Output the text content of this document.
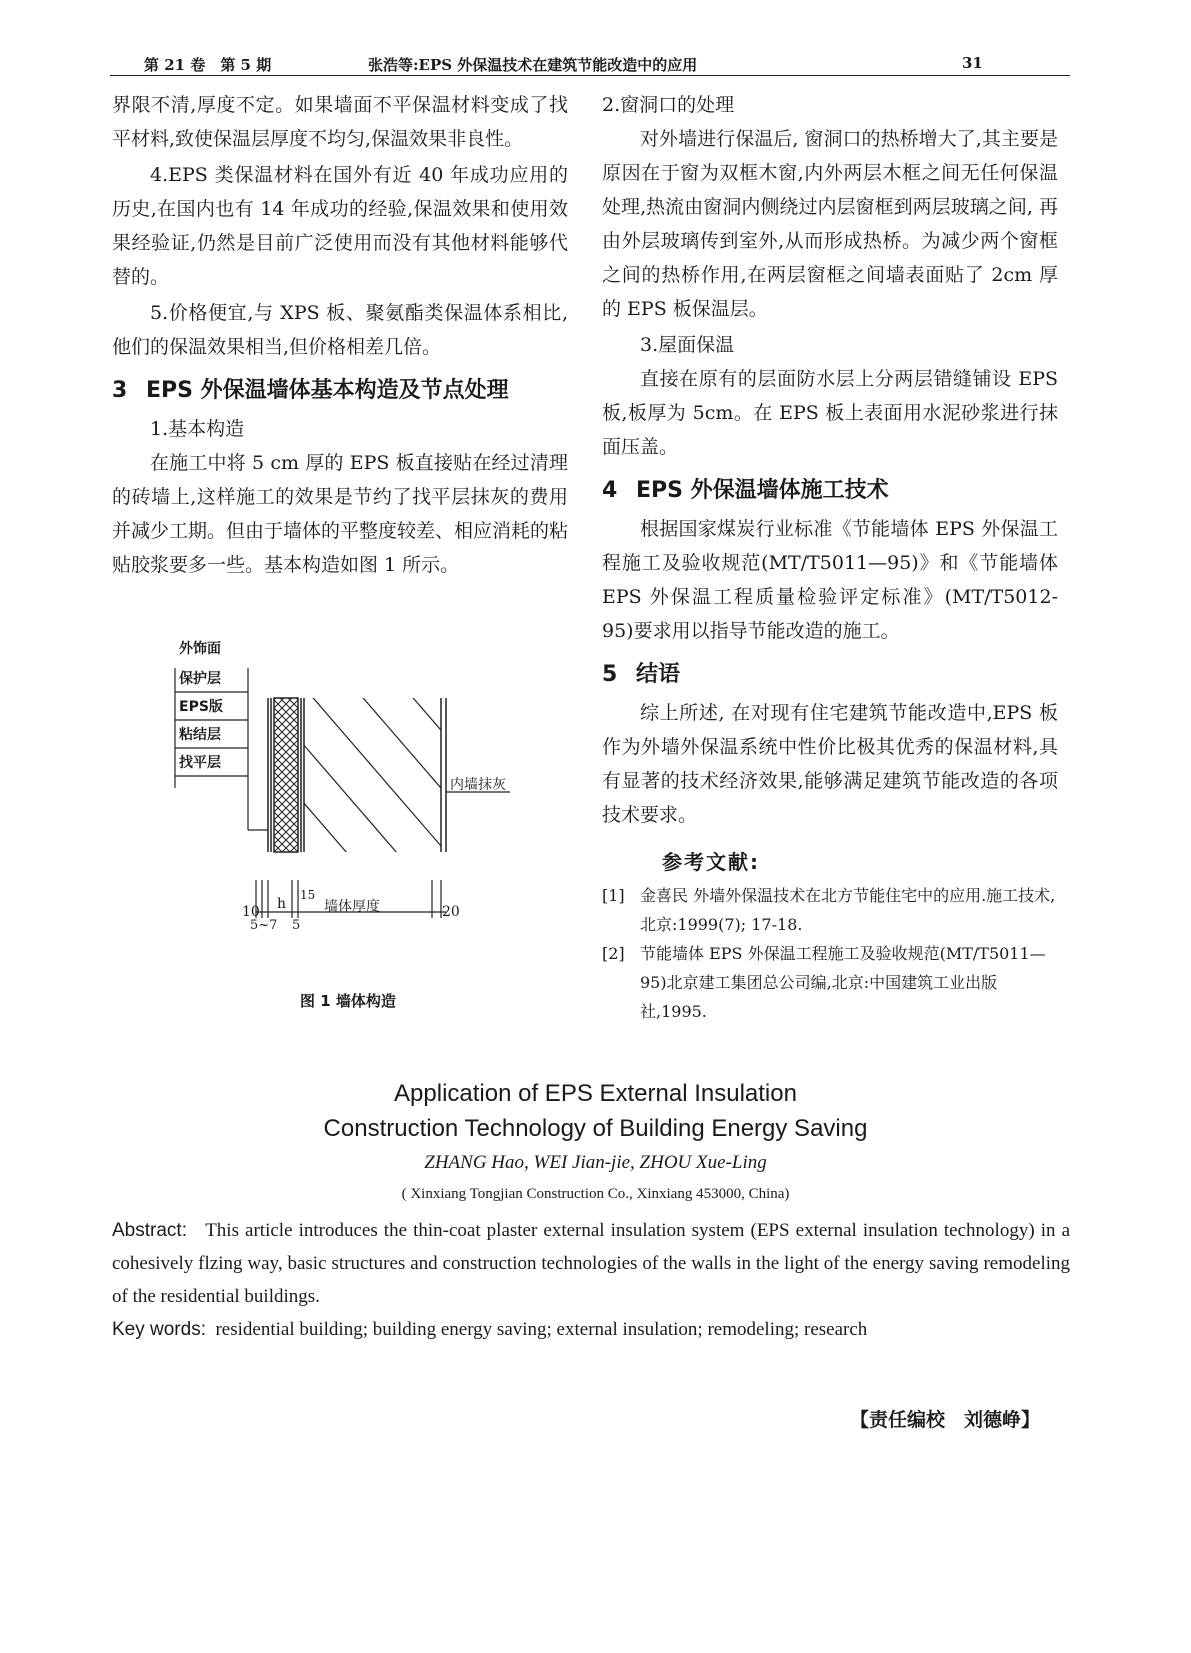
第 21 卷　第 5 期	张浩等:EPS 外保温技术在建筑节能改造中的应用	31

界限不清,厚度不定。如果墙面不平保温材料变成了找平材料,致使保温层厚度不均匀,保温效果非良性。

4.EPS 类保温材料在国外有近 40 年成功应用的历史,在国内也有 14 年成功的经验,保温效果和使用效果经验证,仍然是目前广泛使用而没有其他材料能够代替的。

5.价格便宜,与 XPS 板、聚氨酯类保温体系相比,他们的保温效果相当,但价格相差几倍。

3 EPS 外保温墙体基本构造及节点处理

1.基本构造

在施工中将 5 cm 厚的 EPS 板直接贴在经过清理的砖墙上,这样施工的效果是节约了找平层抹灰的费用并减少工期。但由于墙体的平整度较差、相应消耗的粘贴胶浆要多一些。基本构造如图 1 所示。

外饰面
保护层
EPS版
粘结层
找平层
内墙抹灰
10 h
15
5~7 5
墙体厚度	20
图 1 墙体构造

2.窗洞口的处理

对外墙进行保温后, 窗洞口的热桥增大了,其主要是原因在于窗为双框木窗,内外两层木框之间无任何保温处理,热流由窗洞内侧绕过内层窗框到两层玻璃之间, 再由外层玻璃传到室外,从而形成热桥。为减少两个窗框之间的热桥作用,在两层窗框之间墙表面贴了 2cm 厚的 EPS 板保温层。

3.屋面保温

直接在原有的层面防水层上分两层错缝铺设 EPS 板,板厚为 5cm。在 EPS 板上表面用水泥砂浆进行抹面压盖。

4 EPS 外保温墙体施工技术

根据国家煤炭行业标准《节能墙体 EPS 外保温工程施工及验收规范(MT/T5011—95)》和《节能墙体 EPS 外保温工程质量检验评定标准》(MT/T5012-95)要求用以指导节能改造的施工。

5 结语

综上所述, 在对现有住宅建筑节能改造中,EPS 板作为外墙外保温系统中性价比极其优秀的保温材料,具有显著的技术经济效果,能够满足建筑节能改造的各项技术要求。

参考文献:
[1] 金喜民 外墙外保温技术在北方节能住宅中的应用.施工技术,北京:1999(7); 17-18.
[2] 节能墙体 EPS 外保温工程施工及验收规范(MT/T5011—95)北京建工集团总公司编,北京:中国建筑工业出版社,1995.
Application of EPS External Insulation
Construction Technology of Building Energy Saving
ZHANG Hao, WEI Jian-jie, ZHOU Xue-Ling
( Xinxiang Tongjian Construction Co., Xinxiang 453000, China)
Abstract: This article introduces the thin-coat plaster external insulation system (EPS external insulation technology) in a cohesively flzing way, basic structures and construction technologies of the walls in the light of the energy saving remodeling of the residential buildings.
Key words: residential building; building energy saving; external insulation; remodeling; research
【责任编校　刘德峥】
